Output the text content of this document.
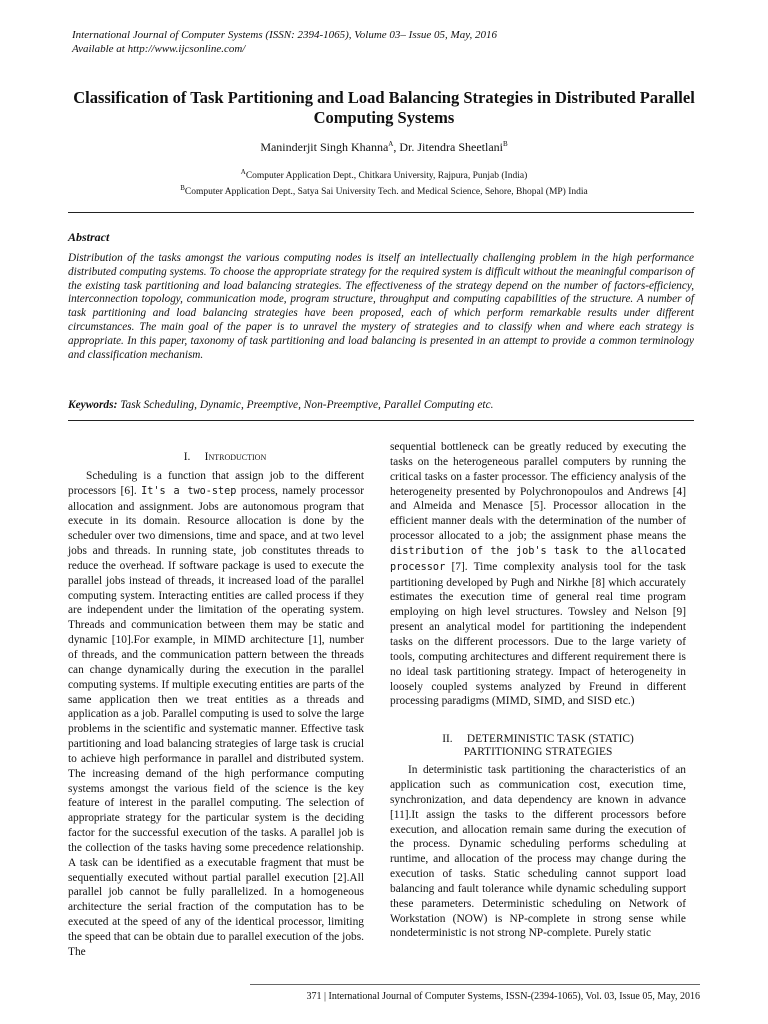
International Journal of Computer Systems (ISSN: 2394-1065), Volume 03– Issue 05, May, 2016
Available at http://www.ijcsonline.com/
Classification of Task Partitioning and Load Balancing Strategies in Distributed Parallel Computing Systems
Maninderjit Singh Khanna$^A$, Dr. Jitendra Sheetlani$^B$
$^A$Computer Application Dept., Chitkara University, Rajpura, Punjab (India)
$^B$Computer Application Dept., Satya Sai University Tech. and Medical Science, Sehore, Bhopal (MP) India
Abstract
Distribution of the tasks amongst the various computing nodes is itself an intellectually challenging problem in the high performance distributed computing systems. To choose the appropriate strategy for the required system is difficult without the meaningful comparison of the existing task partitioning and load balancing strategies. The effectiveness of the strategy depend on the number of factors-efficiency, interconnection topology, communication mode, program structure, throughput and computing capabilities of the structure. A number of task partitioning and load balancing strategies have been proposed, each of which perform remarkable results under different circumstances. The main goal of the paper is to unravel the mystery of strategies and to classify when and where each strategy is appropriate. In this paper, taxonomy of task partitioning and load balancing is presented in an attempt to provide a common terminology and classification mechanism.
Keywords: Task Scheduling, Dynamic, Preemptive, Non-Preemptive, Parallel Computing etc.

I. Introduction

Scheduling is a function that assign job to the different processors [6]. It's a two-step process, namely processor allocation and assignment. Jobs are autonomous program that execute in its domain. Resource allocation is done by the scheduler over two dimensions, time and space, and at two level jobs and threads. In running state, job constitutes threads to reduce the overhead. If software package is used to execute the parallel jobs instead of threads, it increased load of the parallel computing system. Interacting entities are called process if they are independent under the limitation of the operating system. Threads and communication between them may be static and dynamic [10].For example, in MIMD architecture [1], number of threads, and the communication pattern between the threads can change dynamically during the execution in the parallel computing systems. If multiple executing entities are parts of the same application then we treat entities as a threads and application as a job. Parallel computing is used to solve the large problems in the scientific and systematic manner. Effective task partitioning and load balancing strategies of large task is crucial to achieve high performance in parallel and distributed system. The increasing demand of the high performance computing systems amongst the various field of the science is the key feature of interest in the parallel computing. The selection of appropriate strategy for the particular system is the deciding factor for the successful execution of the tasks. A parallel job is the collection of the tasks having some precedence relationship. A task can be identified as a executable fragment that must be sequentially executed without partial parallel execution [2].All parallel job cannot be fully parallelized. In a homogeneous architecture the serial fraction of the computation has to be executed at the speed of any of the identical processor, limiting the speed that can be obtain due to parallel execution of the jobs. The

sequential bottleneck can be greatly reduced by executing the tasks on the heterogeneous parallel computers by running the critical tasks on a faster processor. The efficiency analysis of the heterogeneity presented by Polychronopoulos and Andrews [4] and Almeida and Menasce [5]. Processor allocation in the efficient manner deals with the determination of the number of processor allocated to a job; the assignment phase means the distribution of the job's task to the allocated processor [7]. Time complexity analysis tool for the task partitioning developed by Pugh and Nirkhe [8] which accurately estimates the execution time of general real time program employing on high level structures. Towsley and Nelson [9] present an analytical model for partitioning the independent tasks on the different processors. Due to the large variety of tools, computing architectures and different requirement there is no ideal task partitioning strategy. Impact of heterogeneity in loosely coupled systems analyzed by Freund in different processing paradigms (MIMD, SIMD, and SISD etc.)

II. DETERMINISTIC TASK (STATIC)
PARTITIONING STRATEGIES

In deterministic task partitioning the characteristics of an application such as communication cost, execution time, synchronization, and data dependency are known in advance [11].It assign the tasks to the different processors before execution, and allocation remain same during the execution of the process. Dynamic scheduling performs scheduling at runtime, and allocation of the process may change during the execution of tasks. Static scheduling cannot support load balancing and fault tolerance while dynamic scheduling support these parameters. Deterministic scheduling on Network of Workstation (NOW) is NP-complete in strong sense while nondeterministic is not strong NP-complete. Purely static

371 | International Journal of Computer Systems, ISSN-(2394-1065), Vol. 03, Issue 05, May, 2016
